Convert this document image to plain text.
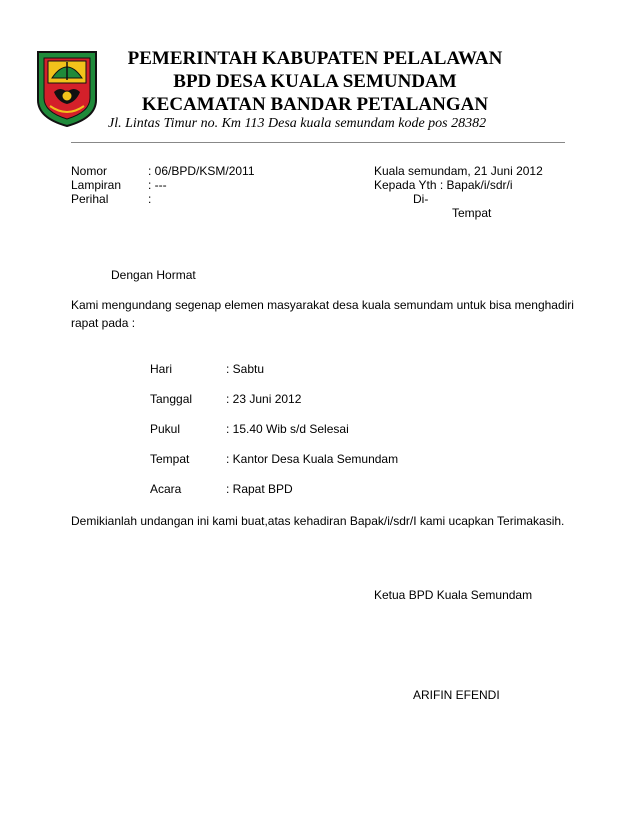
PEMERINTAH KABUPATEN PELALAWAN
BPD DESA KUALA SEMUNDAM
KECAMATAN BANDAR PETALANGAN
Jl. Lintas Timur no. Km 113 Desa kuala semundam kode pos 28382
Nomor	: 06/BPD/KSM/2011
Lampiran : ---
Perihal	:
Kuala semundam, 21 Juni 2012
Kepada Yth : Bapak/i/sdr/i
Di-
Tempat
Dengan Hormat
Kami mengundang segenap elemen masyarakat desa kuala semundam untuk bisa menghadiri
rapat pada :
Hari	: Sabtu
Tanggal	: 23 Juni 2012
Pukul	: 15.40 Wib s/d Selesai
Tempat	: Kantor Desa Kuala Semundam
Acara	: Rapat BPD
Demikianlah undangan ini kami buat,atas kehadiran Bapak/i/sdr/I kami ucapkan Terimakasih.
Ketua BPD Kuala Semundam
ARIFIN EFENDI
